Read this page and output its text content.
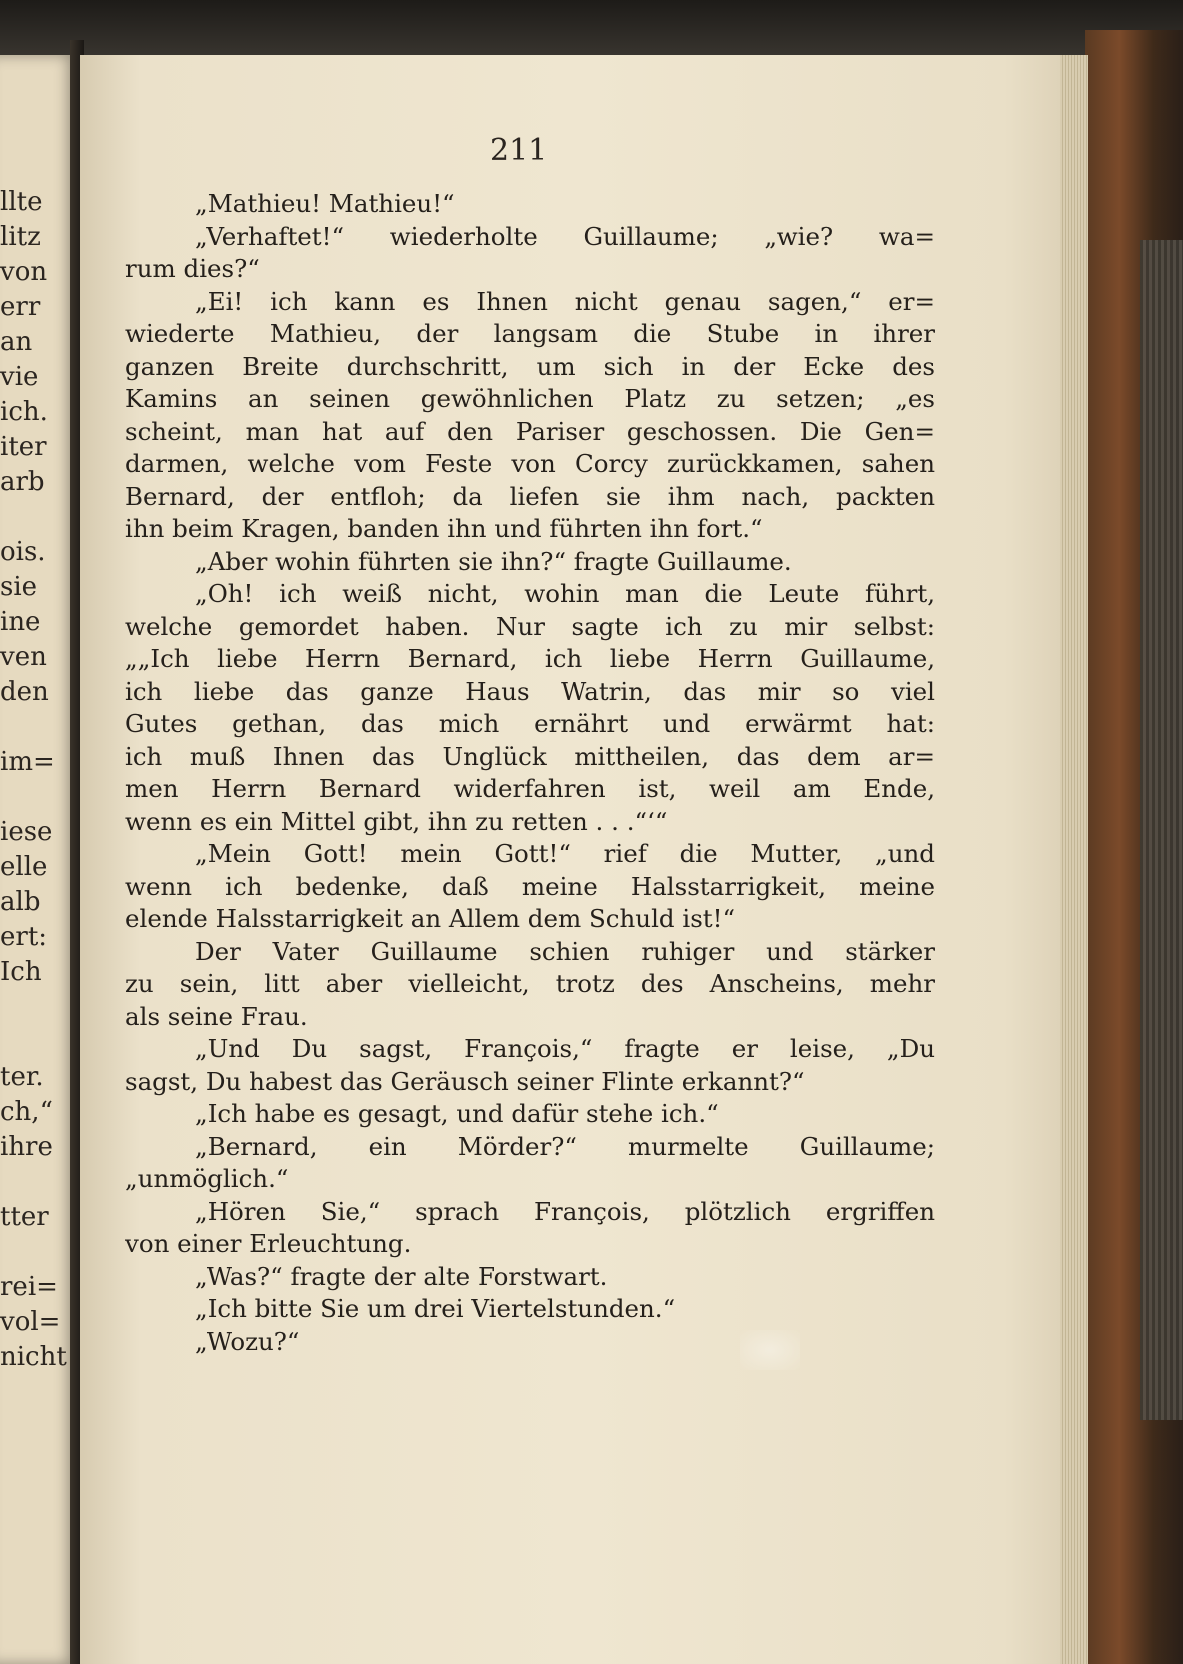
llte
litz
von
err
an
vie
ich.
iter
arb
ois.
sie
ine
ven
den
im=
iese
elle
alb
ert:
Ich
ter.
ch,“
ihre
tter
rei=
vol=
nicht
211
„Mathieu! Mathieu!“
„Verhaftet!“ wiederholte Guillaume; „wie? wa=
rum dies?“
„Ei! ich kann es Ihnen nicht genau sagen,“ er=
wiederte Mathieu, der langsam die Stube in ihrer
ganzen Breite durchschritt, um sich in der Ecke des
Kamins an seinen gewöhnlichen Platz zu setzen; „es
scheint, man hat auf den Pariser geschossen. Die Gen=
darmen, welche vom Feste von Corcy zurückkamen, sahen
Bernard, der entfloh; da liefen sie ihm nach, packten
ihn beim Kragen, banden ihn und führten ihn fort.“
„Aber wohin führten sie ihn?“ fragte Guillaume.
„Oh! ich weiß nicht, wohin man die Leute führt,
welche gemordet haben. Nur sagte ich zu mir selbst:
„„Ich liebe Herrn Bernard, ich liebe Herrn Guillaume,
ich liebe das ganze Haus Watrin, das mir so viel
Gutes gethan, das mich ernährt und erwärmt hat:
ich muß Ihnen das Unglück mittheilen, das dem ar=
men Herrn Bernard widerfahren ist, weil am Ende,
wenn es ein Mittel gibt, ihn zu retten . . .“‘“
„Mein Gott! mein Gott!“ rief die Mutter, „und
wenn ich bedenke, daß meine Halsstarrigkeit, meine
elende Halsstarrigkeit an Allem dem Schuld ist!“
Der Vater Guillaume schien ruhiger und stärker
zu sein, litt aber vielleicht, trotz des Anscheins, mehr
als seine Frau.
„Und Du sagst, François,“ fragte er leise, „Du
sagst, Du habest das Geräusch seiner Flinte erkannt?“
„Ich habe es gesagt, und dafür stehe ich.“
„Bernard, ein Mörder?“ murmelte Guillaume;
„unmöglich.“
„Hören Sie,“ sprach François, plötzlich ergriffen
von einer Erleuchtung.
„Was?“ fragte der alte Forstwart.
„Ich bitte Sie um drei Viertelstunden.“
„Wozu?“
